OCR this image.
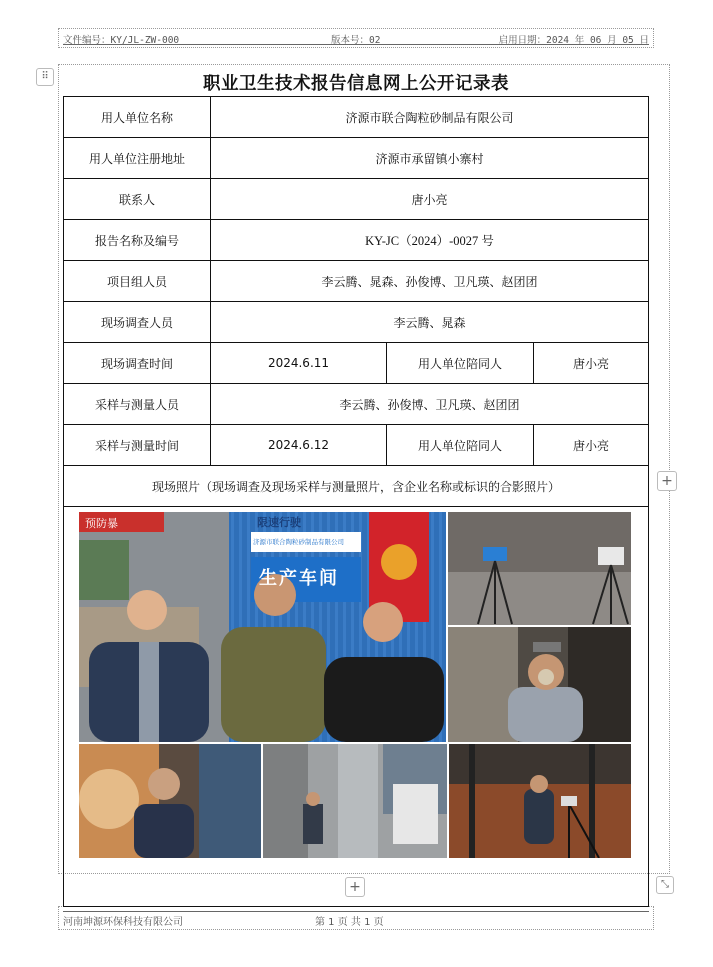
文件编号：KY/JL-ZW-000	版本号：02	启用日期：2024 年 06 月 05 日
⠿	职业卫生技术报告信息网上公开记录表
用人单位名称	济源市联合陶粒砂制品有限公司		
用人单位注册地址	济源市承留镇小寨村		
联系人	唐小亮		
报告名称及编号	KY-JC（2024）-0027 号		
项目组人员	李云腾、晁森、孙俊博、卫凡瑛、赵团团		
现场调查人员	李云腾、晁森		
现场调查时间	2024.6.11	用人单位陪同人	唐小亮
采样与测量人员	李云腾、孙俊博、卫凡瑛、赵团团		
采样与测量时间	2024.6.12	用人单位陪同人	唐小亮
现场照片（现场调查及现场采样与测量照片，含企业名称或标识的合影照片）			

限速行驶
济源市联合陶粒砂制品有限公司
生产车间
预防暴
+
+	⤡
河南坤源环保科技有限公司	第 1 页 共 1 页
